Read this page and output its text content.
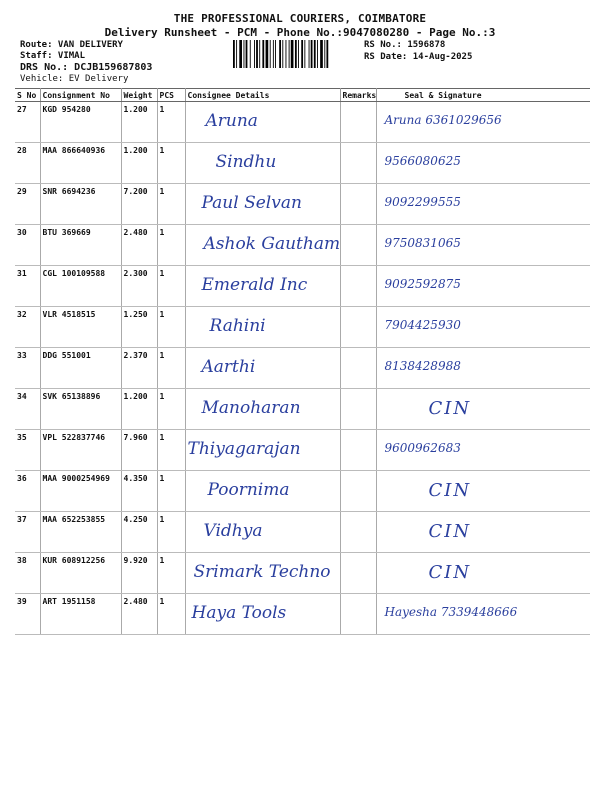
THE PROFESSIONAL COURIERS, COIMBATORE
Delivery Runsheet - PCM - Phone No.:9047080280 - Page No.:3
Route: VAN DELIVERY
Staff: VIMAL
DRS No.: DCJB159687803
Vehicle: EV Delivery
RS No.: 1596878
RS Date: 14-Aug-2025
S No	Consignment No	Weight	PCS	Consignee Details	Remarks	Seal & Signature
27	KGD 954280	1.200	1	Aruna		Aruna 6361029656
28	MAA 866640936	1.200	1	Sindhu		9566080625
29	SNR 6694236	7.200	1	Paul Selvan		9092299555
30	BTU 369669	2.480	1	Ashok Gautham		9750831065
31	CGL 100109588	2.300	1	Emerald Inc		9092592875
32	VLR 4518515	1.250	1	Rahini		7904425930
33	DDG 551001	2.370	1	Aarthi		8138428988
34	SVK 65138896	1.200	1	Manoharan		CIN
35	VPL 522837746	7.960	1	Thiyagarajan		9600962683
36	MAA 9000254969	4.350	1	Poornima		CIN
37	MAA 652253855	4.250	1	Vidhya		CIN
38	KUR 608912256	9.920	1	Srimark Techno		CIN
39	ART 1951158	2.480	1	Haya Tools		Hayesha 7339448666
